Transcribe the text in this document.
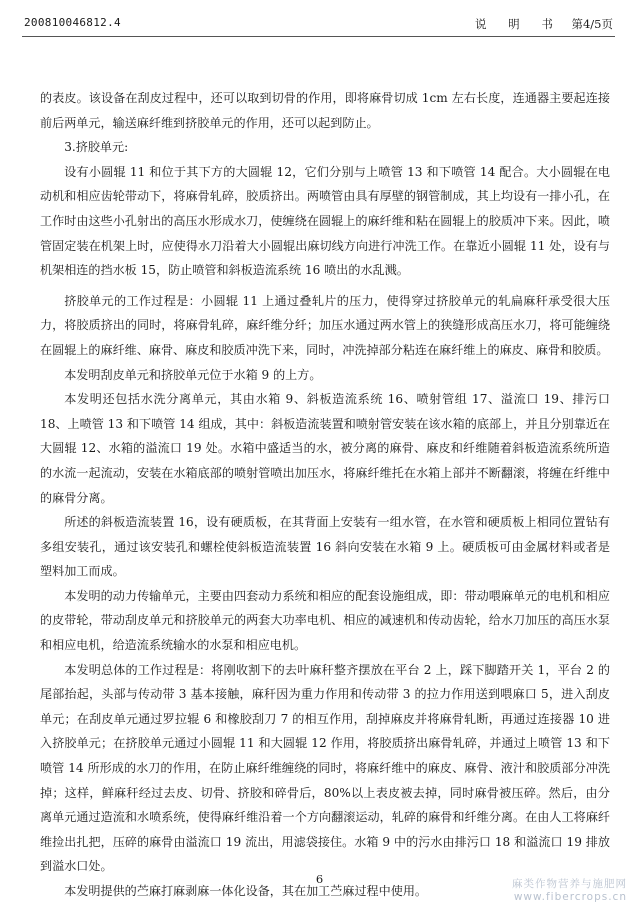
200810046812.4	说 明 书 第4/5页

的表皮。该设备在刮皮过程中，还可以取到切骨的作用，即将麻骨切成 1cm 左右长度，连通器主要起连接前后两单元，输送麻纤维到挤胶单元的作用，还可以起到防止。

3.挤胶单元:

设有小圆辊 11 和位于其下方的大圆辊 12，它们分别与上喷管 13 和下喷管 14 配合。大小圆辊在电动机和相应齿轮带动下，将麻骨轧碎，胶质挤出。两喷管由具有厚壁的钢管制成，其上均设有一排小孔，在工作时由这些小孔射出的高压水形成水刀，使缠绕在圆辊上的麻纤维和粘在圆辊上的胶质冲下来。因此，喷管固定装在机架上时，应使得水刀沿着大小圆辊出麻切线方向进行冲洗工作。在靠近小圆辊 11 处，设有与机架相连的挡水板 15，防止喷管和斜板造流系统 16 喷出的水乱溅。

挤胶单元的工作过程是：小圆辊 11 上通过叠轧片的压力，使得穿过挤胶单元的轧扁麻秆承受很大压力，将胶质挤出的同时，将麻骨轧碎，麻纤维分纤；加压水通过两水管上的狭缝形成高压水刀，将可能缠绕在圆辊上的麻纤维、麻骨、麻皮和胶质冲洗下来，同时，冲洗掉部分粘连在麻纤维上的麻皮、麻骨和胶质。

本发明刮皮单元和挤胶单元位于水箱 9 的上方。

本发明还包括水洗分离单元，其由水箱 9、斜板造流系统 16、喷射管组 17、溢流口 19、排污口 18、上喷管 13 和下喷管 14 组成，其中：斜板造流装置和喷射管安装在该水箱的底部上，并且分别靠近在大圆辊 12、水箱的溢流口 19 处。水箱中盛适当的水，被分离的麻骨、麻皮和纤维随着斜板造流系统所造的水流一起流动，安装在水箱底部的喷射管喷出加压水，将麻纤维托在水箱上部并不断翻滚，将缠在纤维中的麻骨分离。

所述的斜板造流装置 16，设有硬质板，在其背面上安装有一组水管，在水管和硬质板上相同位置钻有多组安装孔，通过该安装孔和螺栓使斜板造流装置 16 斜向安装在水箱 9 上。硬质板可由金属材料或者是塑料加工而成。

本发明的动力传输单元，主要由四套动力系统和相应的配套设施组成，即：带动喂麻单元的电机和相应的皮带轮，带动刮皮单元和挤胶单元的两套大功率电机、相应的减速机和传动齿轮，给水刀加压的高压水泵和相应电机，给造流系统输水的水泵和相应电机。

本发明总体的工作过程是：将刚收割下的去叶麻秆整齐摆放在平台 2 上，踩下脚踏开关 1，平台 2 的尾部抬起，头部与传动带 3 基本接触，麻秆因为重力作用和传动带 3 的拉力作用送到喂麻口 5，进入刮皮单元；在刮皮单元通过罗拉辊 6 和橡胶刮刀 7 的相互作用，刮掉麻皮并将麻骨轧断，再通过连接器 10 进入挤胶单元；在挤胶单元通过小圆辊 11 和大圆辊 12 作用，将胶质挤出麻骨轧碎，并通过上喷管 13 和下喷管 14 所形成的水刀的作用，在防止麻纤维缠绕的同时，将麻纤维中的麻皮、麻骨、液汁和胶质部分冲洗掉；这样，鲜麻秆经过去皮、切骨、挤胶和碎骨后，80%以上表皮被去掉，同时麻骨被压碎。然后，由分离单元通过造流和水喷系统，使得麻纤维沿着一个方向翻滚运动，轧碎的麻骨和纤维分离。在由人工将麻纤维捡出扎把，压碎的麻骨由溢流口 19 流出，用滤袋接住。水箱 9 中的污水由排污口 18 和溢流口 19 排放到溢水口处。

本发明提供的苎麻打麻剥麻一体化设备，其在加工苎麻过程中使用。

6	麻类作物营养与施肥网
www.fibercrops.cn
